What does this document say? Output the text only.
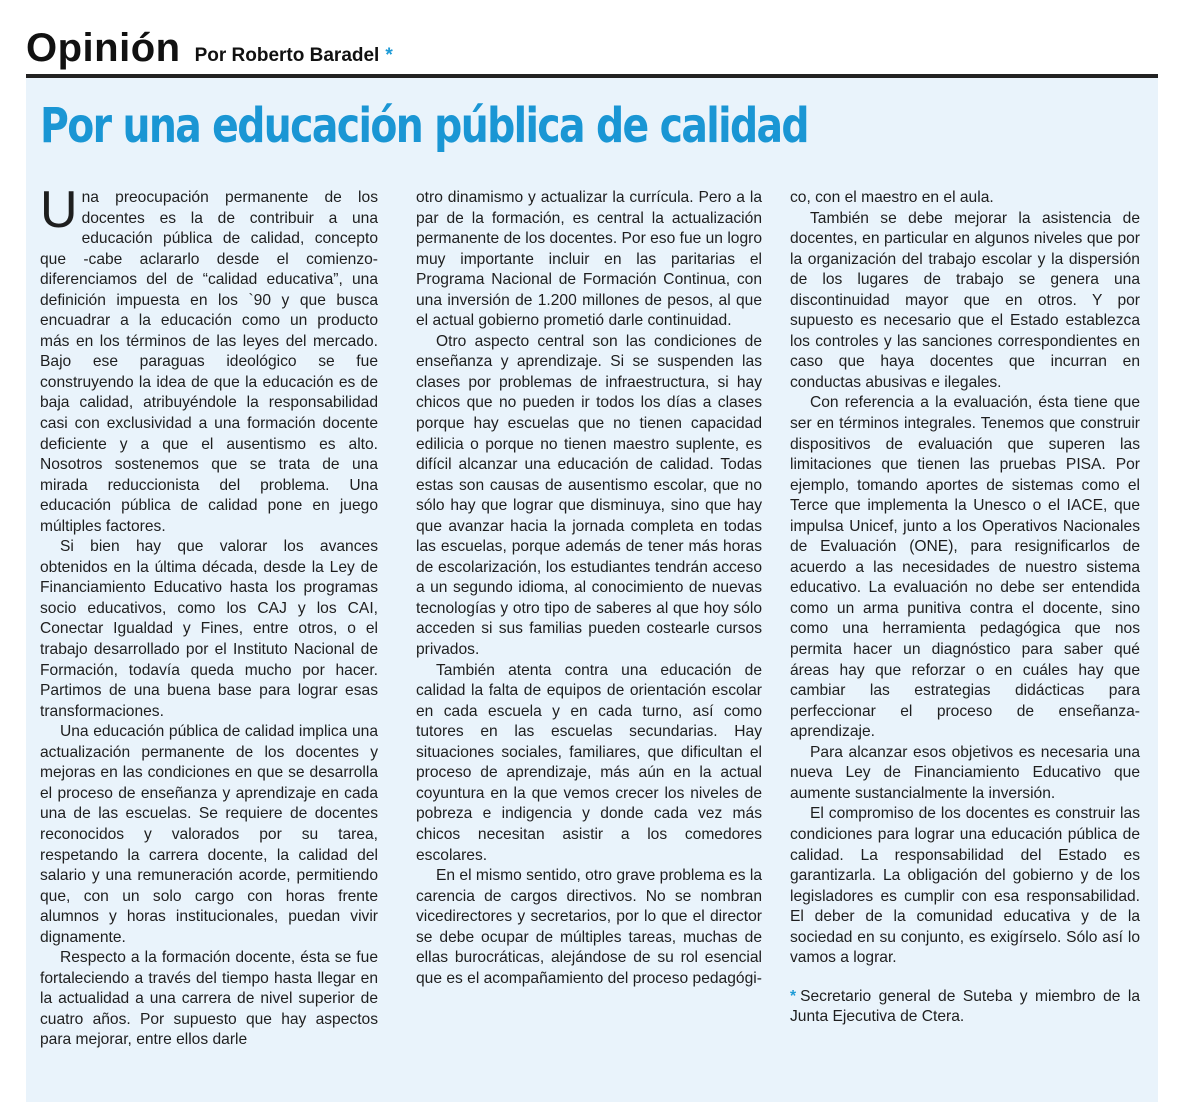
Opinión Por Roberto Baradel *
Por una educación pública de calidad

Una preocupación permanente de los docentes es la de contribuir a una educación pública de calidad, concepto que -cabe aclararlo desde el comienzo- diferenciamos del de “calidad educativa”, una definición impuesta en los `90 y que busca encuadrar a la educación como un producto más en los términos de las leyes del mercado. Bajo ese paraguas ideológico se fue construyendo la idea de que la educación es de baja calidad, atribuyéndole la responsabilidad casi con exclusividad a una formación docente deficiente y a que el ausentismo es alto. Nosotros sostenemos que se trata de una mirada reduccionista del problema. Una educación pública de calidad pone en juego múltiples factores.

Si bien hay que valorar los avances obtenidos en la última década, desde la Ley de Financiamiento Educativo hasta los programas socio educativos, como los CAJ y los CAI, Conectar Igualdad y Fines, entre otros, o el trabajo desarrollado por el Instituto Nacional de Formación, todavía queda mucho por hacer. Partimos de una buena base para lograr esas transformaciones.

Una educación pública de calidad implica una actualización permanente de los docentes y mejoras en las condiciones en que se desarrolla el proceso de enseñanza y aprendizaje en cada una de las escuelas. Se requiere de docentes reconocidos y valorados por su tarea, respetando la carrera docente, la calidad del salario y una remuneración acorde, permitiendo que, con un solo cargo con horas frente alumnos y horas institucionales, puedan vivir dignamente.

Respecto a la formación docente, ésta se fue fortaleciendo a través del tiempo hasta llegar en la actualidad a una carrera de nivel superior de cuatro años. Por supuesto que hay aspectos para mejorar, entre ellos darle

otro dinamismo y actualizar la currícula. Pero a la par de la formación, es central la actualización permanente de los docentes. Por eso fue un logro muy importante incluir en las paritarias el Programa Nacional de Formación Continua, con una inversión de 1.200 millones de pesos, al que el actual gobierno prometió darle continuidad.

Otro aspecto central son las condiciones de enseñanza y aprendizaje. Si se suspenden las clases por problemas de infraestructura, si hay chicos que no pueden ir todos los días a clases porque hay escuelas que no tienen capacidad edilicia o porque no tienen maestro suplente, es difícil alcanzar una educación de calidad. Todas estas son causas de ausentismo escolar, que no sólo hay que lograr que disminuya, sino que hay que avanzar hacia la jornada completa en todas las escuelas, porque además de tener más horas de escolarización, los estudiantes tendrán acceso a un segundo idioma, al conocimiento de nuevas tecnologías y otro tipo de saberes al que hoy sólo acceden si sus familias pueden costearle cursos privados.

También atenta contra una educación de calidad la falta de equipos de orientación escolar en cada escuela y en cada turno, así como tutores en las escuelas secundarias. Hay situaciones sociales, familiares, que dificultan el proceso de aprendizaje, más aún en la actual coyuntura en la que vemos crecer los niveles de pobreza e indigencia y donde cada vez más chicos necesitan asistir a los comedores escolares.

En el mismo sentido, otro grave problema es la carencia de cargos directivos. No se nombran vicedirectores y secretarios, por lo que el director se debe ocupar de múltiples tareas, muchas de ellas burocráticas, alejándose de su rol esencial que es el acompañamiento del proceso pedagógi-

co, con el maestro en el aula.

También se debe mejorar la asistencia de docentes, en particular en algunos niveles que por la organización del trabajo escolar y la dispersión de los lugares de trabajo se genera una discontinuidad mayor que en otros. Y por supuesto es necesario que el Estado establezca los controles y las sanciones correspondientes en caso que haya docentes que incurran en conductas abusivas e ilegales.

Con referencia a la evaluación, ésta tiene que ser en términos integrales. Tenemos que construir dispositivos de evaluación que superen las limitaciones que tienen las pruebas PISA. Por ejemplo, tomando aportes de sistemas como el Terce que implementa la Unesco o el IACE, que impulsa Unicef, junto a los Operativos Nacionales de Evaluación (ONE), para resignificarlos de acuerdo a las necesidades de nuestro sistema educativo. La evaluación no debe ser entendida como un arma punitiva contra el docente, sino como una herramienta pedagógica que nos permita hacer un diagnóstico para saber qué áreas hay que reforzar o en cuáles hay que cambiar las estrategias didácticas para perfeccionar el proceso de enseñanza-aprendizaje.

Para alcanzar esos objetivos es necesaria una nueva Ley de Financiamiento Educativo que aumente sustancialmente la inversión.

El compromiso de los docentes es construir las condiciones para lograr una educación pública de calidad. La responsabilidad del Estado es garantizarla. La obligación del gobierno y de los legisladores es cumplir con esa responsabilidad. El deber de la comunidad educativa y de la sociedad en su conjunto, es exigírselo. Sólo así lo vamos a lograr.

* Secretario general de Suteba y miembro de la Junta Ejecutiva de Ctera.
